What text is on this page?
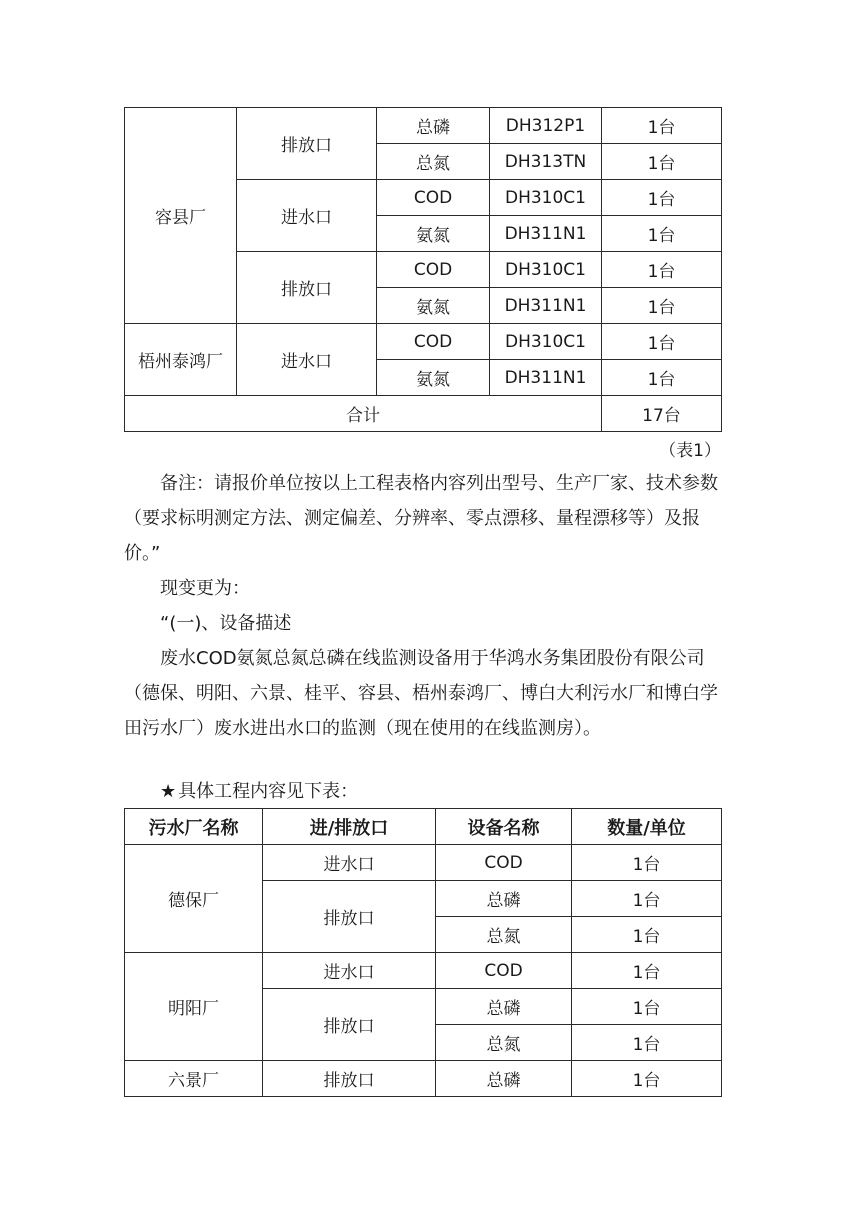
容县厂	排放口	总磷	DH312P1	1台
		总氮	DH313TN	1台
	进水口	COD	DH310C1	1台
		氨氮	DH311N1	1台
	排放口	COD	DH310C1	1台
		氨氮	DH311N1	1台
梧州泰鸿厂	进水口	COD	DH310C1	1台
		氨氮	DH311N1	1台
合计				17台
（表1）

备注：请报价单位按以上工程表格内容列出型号、生产厂家、技术参数（要求标明测定方法、测定偏差、分辨率、零点漂移、量程漂移等）及报价。”

现变更为：

“(一)、设备描述

废水COD氨氮总氮总磷在线监测设备用于华鸿水务集团股份有限公司（德保、明阳、六景、桂平、容县、梧州泰鸿厂、博白大利污水厂和博白学田污水厂）废水进出水口的监测（现在使用的在线监测房）。

★ 具体工程内容见下表：

污水厂名称	进/排放口	设备名称	数量/单位
德保厂	进水口	COD	1台
	排放口	总磷	1台
		总氮	1台
明阳厂	进水口	COD	1台
	排放口	总磷	1台
		总氮	1台
六景厂	排放口	总磷	1台
